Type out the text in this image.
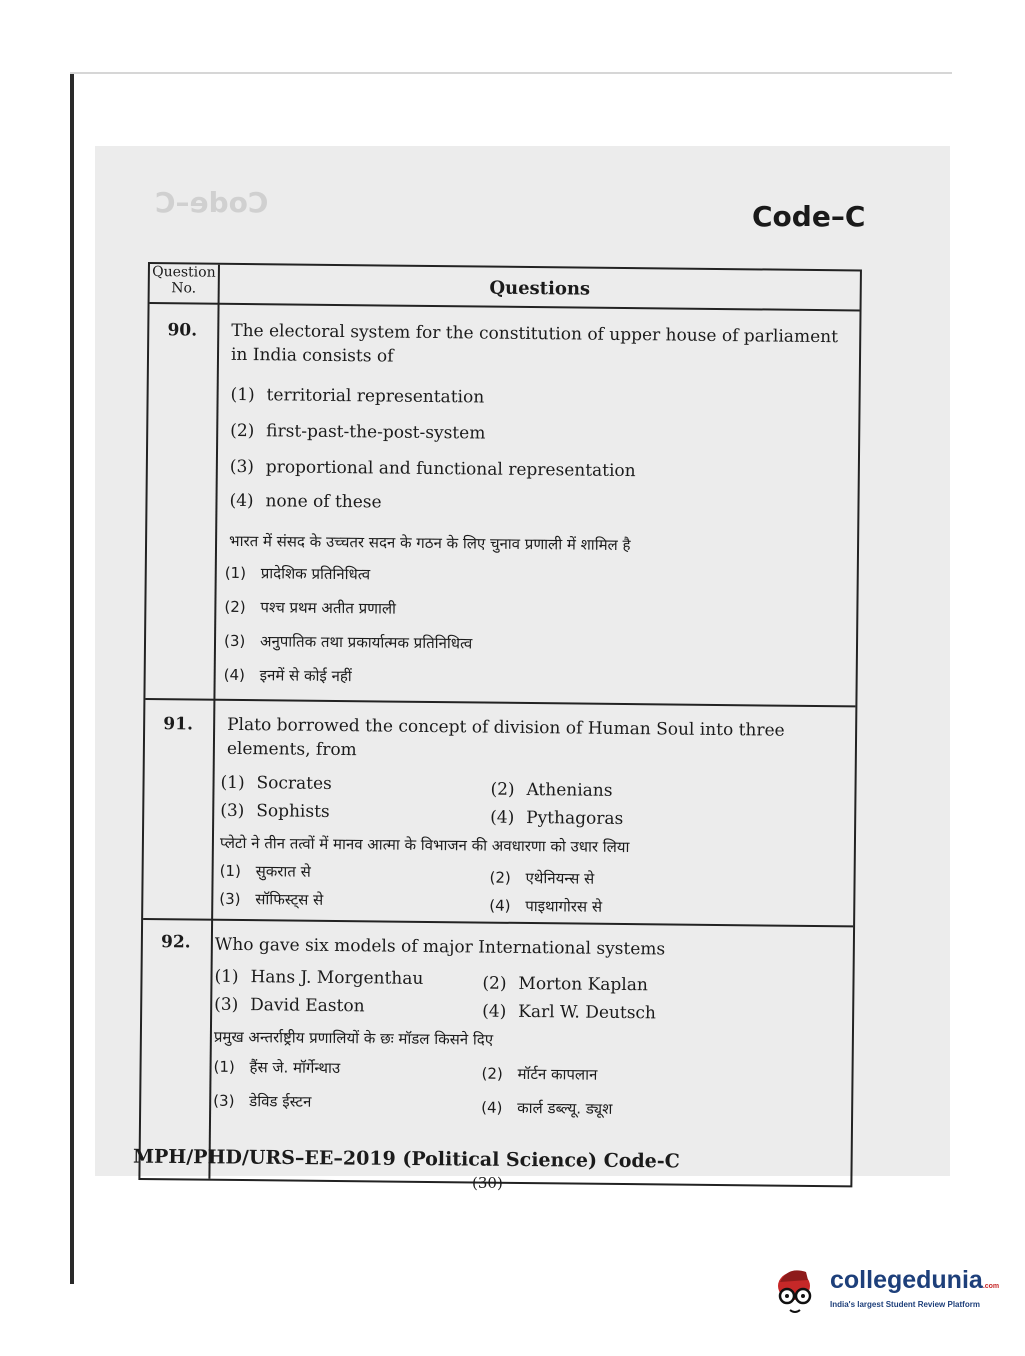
Code–C	Code–C
Question No.	Questions
90.	The electoral system for the constitution of upper house of parliament in India consists of
(1) territorial representation
(2) first-past-the-post-system
(3) proportional and functional representation
(4) none of these
भारत में संसद के उच्चतर सदन के गठन के लिए चुनाव प्रणाली में शामिल है
(1) प्रादेशिक प्रतिनिधित्व
(2) पश्च प्रथम अतीत प्रणाली
(3) अनुपातिक तथा प्रकार्यात्मक प्रतिनिधित्व
(4) इनमें से कोई नहीं
91.	Plato borrowed the concept of division of Human Soul into three elements, from
(1) Socrates	(2) Athenians
(3) Sophists	(4) Pythagoras
प्लेटो ने तीन तत्वों में मानव आत्मा के विभाजन की अवधारणा को उधार लिया
(1) सुकरात से	(2) एथेनियन्स से
(3) सॉफिस्ट्स से	(4) पाइथागोरस से
92.	Who gave six models of major International systems
(1) Hans J. Morgenthau	(2) Morton Kaplan
(3) David Easton	(4) Karl W. Deutsch
प्रमुख अन्तर्राष्ट्रीय प्रणालियों के छः मॉडल किसने दिए
(1) हैंस जे. मॉर्गेन्थाउ	(2) मॉर्टन कापलान
(3) डेविड ईस्टन	(4) कार्ल डब्ल्यू. ड्यूश
MPH/PHD/URS–EE–2019 (Political Science) Code-C
(30)
collegedunia.com
India's largest Student Review Platform
